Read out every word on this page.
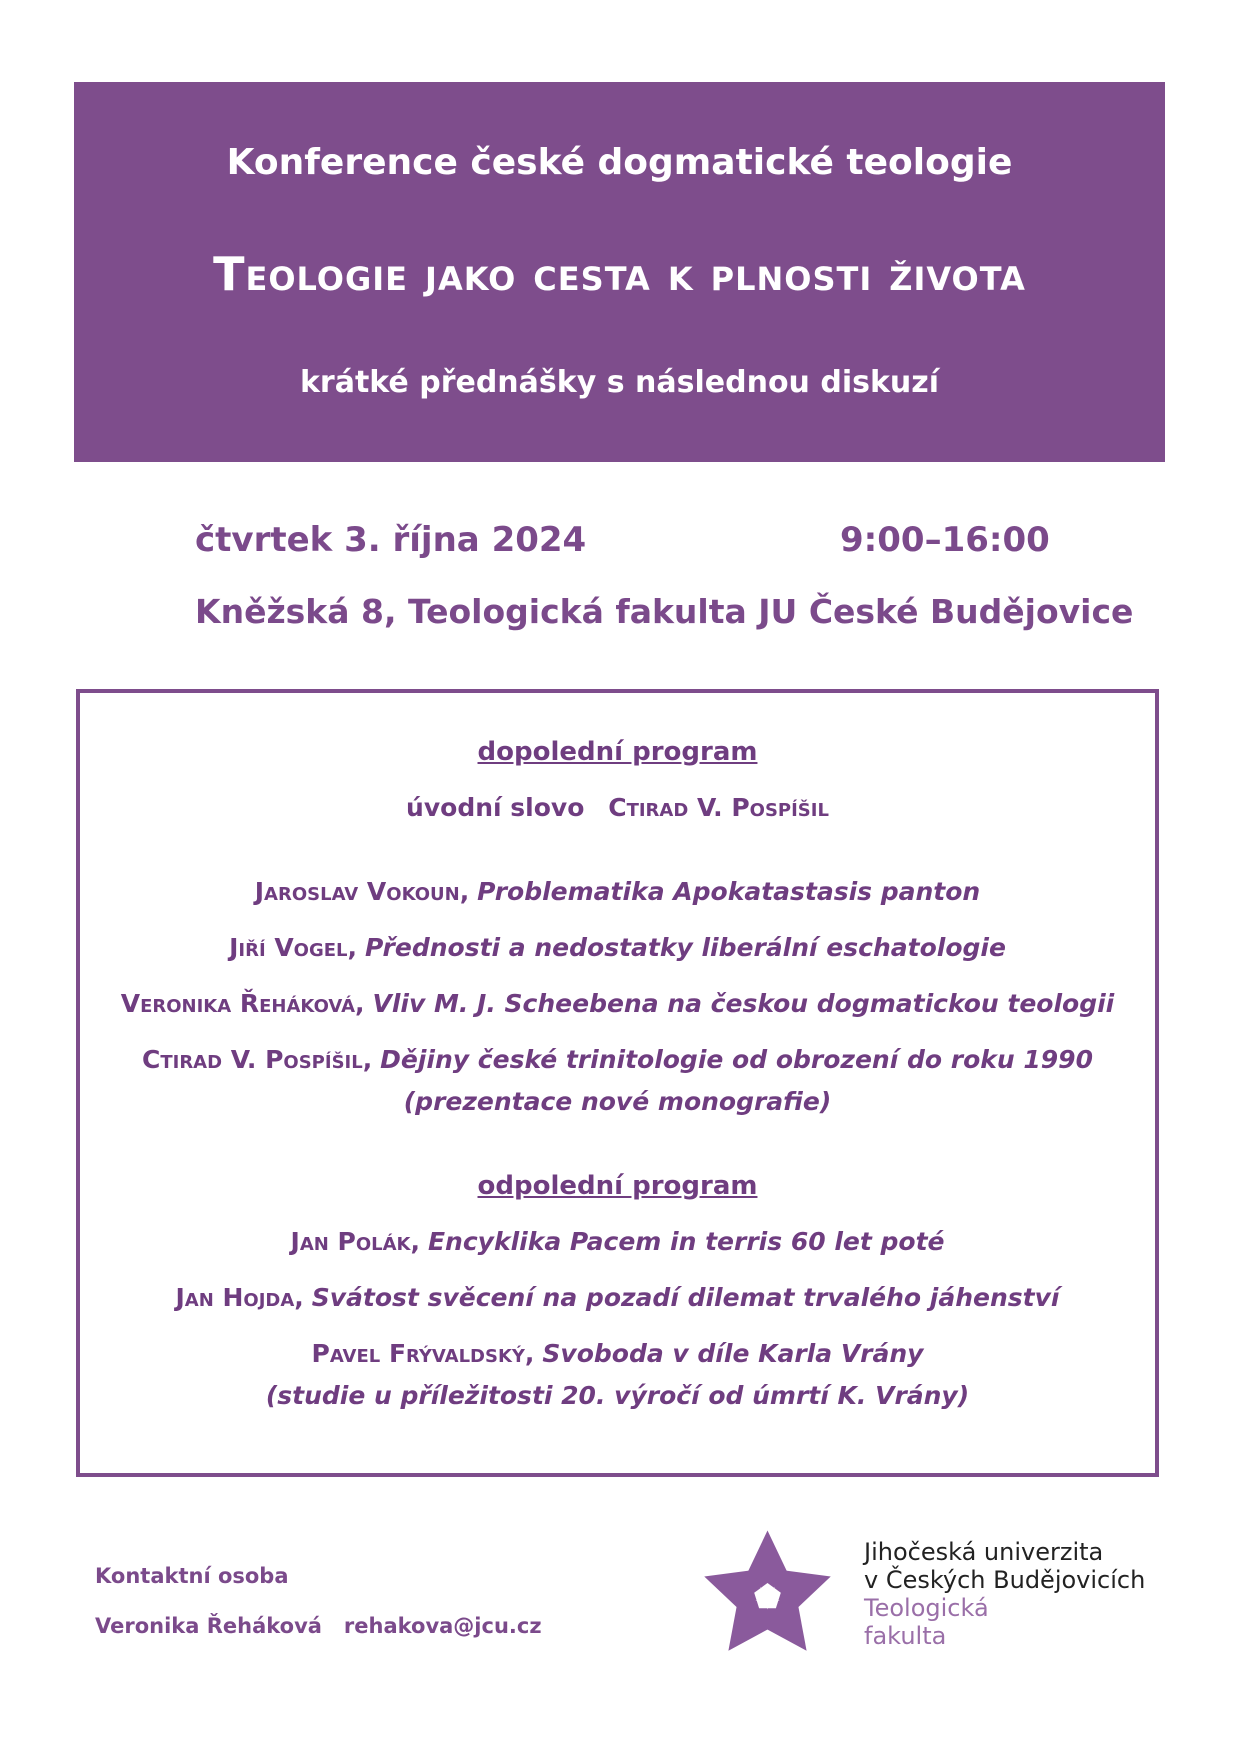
Konference české dogmatické teologie
Teologie jako cesta k plnosti života
krátké přednášky s následnou diskuzí
čtvrtek 3. října 2024	9:00–16:00
Kněžská 8, Teologická fakulta JU České Budějovice
dopolední program
úvodní slovo Ctirad V. Pospíšil
Jaroslav Vokoun, Problematika Apokatastasis panton
Jiří Vogel, Přednosti a nedostatky liberální eschatologie
Veronika Řeháková, Vliv M. J. Scheebena na českou dogmatickou teologii
Ctirad V. Pospíšil, Dějiny české trinitologie od obrození do roku 1990
(prezentace nové monografie)
odpolední program
Jan Polák, Encyklika Pacem in terris 60 let poté
Jan Hojda, Svátost svěcení na pozadí dilemat trvalého jáhenství
Pavel Frývaldský, Svoboda v díle Karla Vrány
(studie u příležitosti 20. výročí od úmrtí K. Vrány)
Kontaktní osoba
Veronika Řeháková rehakova@jcu.cz
Jihočeská univerzita
v Českých Budějovicích
Teologická
fakulta
